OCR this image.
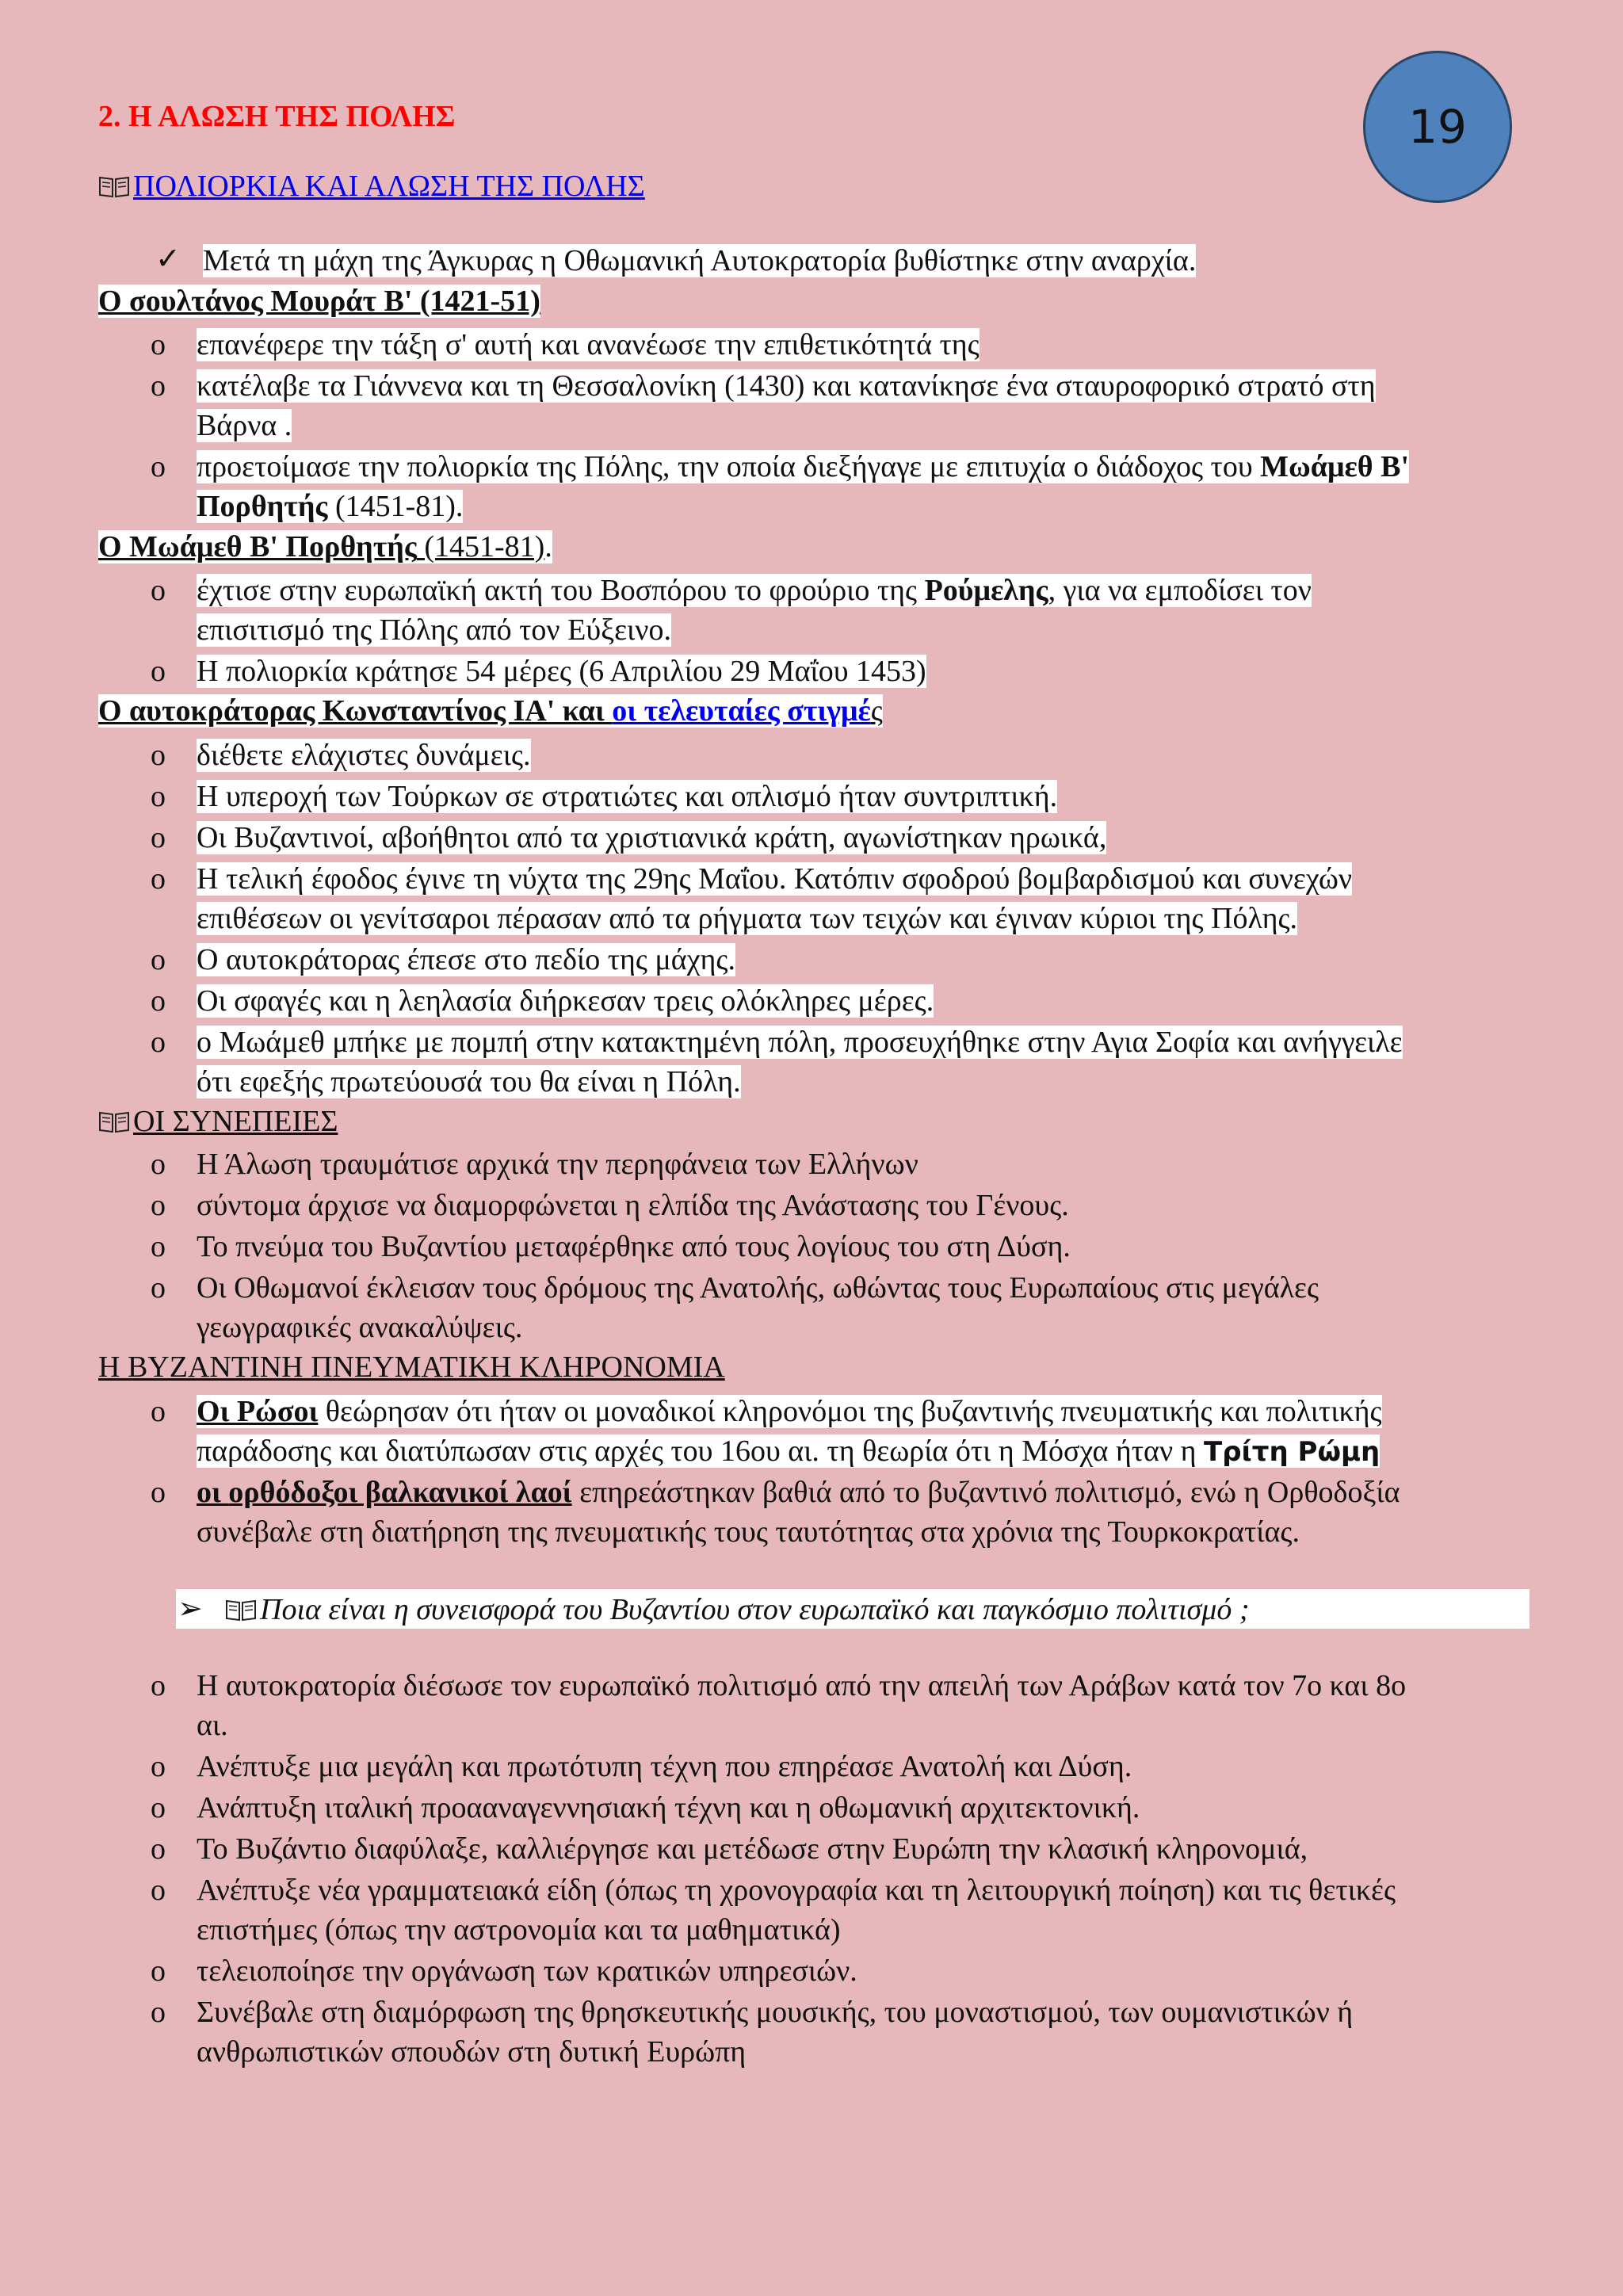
19
2. Η ΑΛΩΣΗ ΤΗΣ ΠΟΛΗΣ
ΠΟΛΙΟΡΚΙΑ ΚΑΙ ΑΛΩΣΗ ΤΗΣ ΠΟΛΗΣ
✓ Μετά τη μάχη της Άγκυρας η Οθωμανική Αυτοκρατορία βυθίστηκε στην αναρχία.
Ο σουλτάνος Μουράτ Β' (1421-51)
o επανέφερε την τάξη σ' αυτή και ανανέωσε την επιθετικότητά της
o κατέλαβε τα Γιάννενα και τη Θεσσαλονίκη (1430) και κατανίκησε ένα σταυροφορικό στρατό στη
Βάρνα .
o προετοίμασε την πολιορκία της Πόλης, την οποία διεξήγαγε με επιτυχία ο διάδοχος του Μωάμεθ Β'
Πορθητής (1451-81).
Ο Μωάμεθ Β' Πορθητής (1451-81).
o έχτισε στην ευρωπαϊκή ακτή του Βοσπόρου το φρούριο της Ρούμελης, για να εμποδίσει τον
επισιτισμό της Πόλης από τον Εύξεινο.
o Η πολιορκία κράτησε 54 μέρες (6 Απριλίου 29 Μαΐου 1453)
Ο αυτοκράτορας Κωνσταντίνος ΙΑ' και οι τελευταίες στιγμές
o διέθετε ελάχιστες δυνάμεις.
o Η υπεροχή των Τούρκων σε στρατιώτες και οπλισμό ήταν συντριπτική.
o Οι Βυζαντινοί, αβοήθητοι από τα χριστιανικά κράτη, αγωνίστηκαν ηρωικά,
o Η τελική έφοδος έγινε τη νύχτα της 29ης Μαΐου. Κατόπιν σφοδρού βομβαρδισμού και συνεχών
επιθέσεων οι γενίτσαροι πέρασαν από τα ρήγματα των τειχών και έγιναν κύριοι της Πόλης.
o Ο αυτοκράτορας έπεσε στο πεδίο της μάχης.
o Οι σφαγές και η λεηλασία διήρκεσαν τρεις ολόκληρες μέρες.
o ο Μωάμεθ μπήκε με πομπή στην κατακτημένη πόλη, προσευχήθηκε στην Αγια Σοφία και ανήγγειλε
ότι εφεξής πρωτεύουσά του θα είναι η Πόλη.
ΟΙ ΣΥΝΕΠΕΙΕΣ
o Η Άλωση τραυμάτισε αρχικά την περηφάνεια των Ελλήνων
o σύντομα άρχισε να διαμορφώνεται η ελπίδα της Ανάστασης του Γένους.
o Το πνεύμα του Βυζαντίου μεταφέρθηκε από τους λογίους του στη Δύση.
o Οι Οθωμανοί έκλεισαν τους δρόμους της Ανατολής, ωθώντας τους Ευρωπαίους στις μεγάλες
γεωγραφικές ανακαλύψεις.
Η ΒΥΖΑΝΤΙΝΗ ΠΝΕΥΜΑΤΙΚΗ ΚΛΗΡΟΝΟΜΙΑ
o Οι Ρώσοι θεώρησαν ότι ήταν οι μοναδικοί κληρονόμοι της βυζαντινής πνευματικής και πολιτικής
παράδοσης και διατύπωσαν στις αρχές του 16ου αι. τη θεωρία ότι η Μόσχα ήταν η Τρίτη Ρώμη
o οι ορθόδοξοι βαλκανικοί λαοί επηρεάστηκαν βαθιά από το βυζαντινό πολιτισμό, ενώ η Ορθοδοξία
συνέβαλε στη διατήρηση της πνευματικής τους ταυτότητας στα χρόνια της Τουρκοκρατίας.
➢	Ποια είναι η συνεισφορά του Βυζαντίου στον ευρωπαϊκό και παγκόσμιο πολιτισμό ;
o Η αυτοκρατορία διέσωσε τον ευρωπαϊκό πολιτισμό από την απειλή των Αράβων κατά τον 7ο και 8ο
αι.
o Ανέπτυξε μια μεγάλη και πρωτότυπη τέχνη που επηρέασε Ανατολή και Δύση.
o Ανάπτυξη ιταλική προααναγεννησιακή τέχνη και η οθωμανική αρχιτεκτονική.
o Το Βυζάντιο διαφύλαξε, καλλιέργησε και μετέδωσε στην Ευρώπη την κλασική κληρονομιά,
o Ανέπτυξε νέα γραμματειακά είδη (όπως τη χρονογραφία και τη λειτουργική ποίηση) και τις θετικές
επιστήμες (όπως την αστρονομία και τα μαθηματικά)
o τελειοποίησε την οργάνωση των κρατικών υπηρεσιών.
o Συνέβαλε στη διαμόρφωση της θρησκευτικής μουσικής, του μοναστισμού, των ουμανιστικών ή
ανθρωπιστικών σπουδών στη δυτική Ευρώπη
